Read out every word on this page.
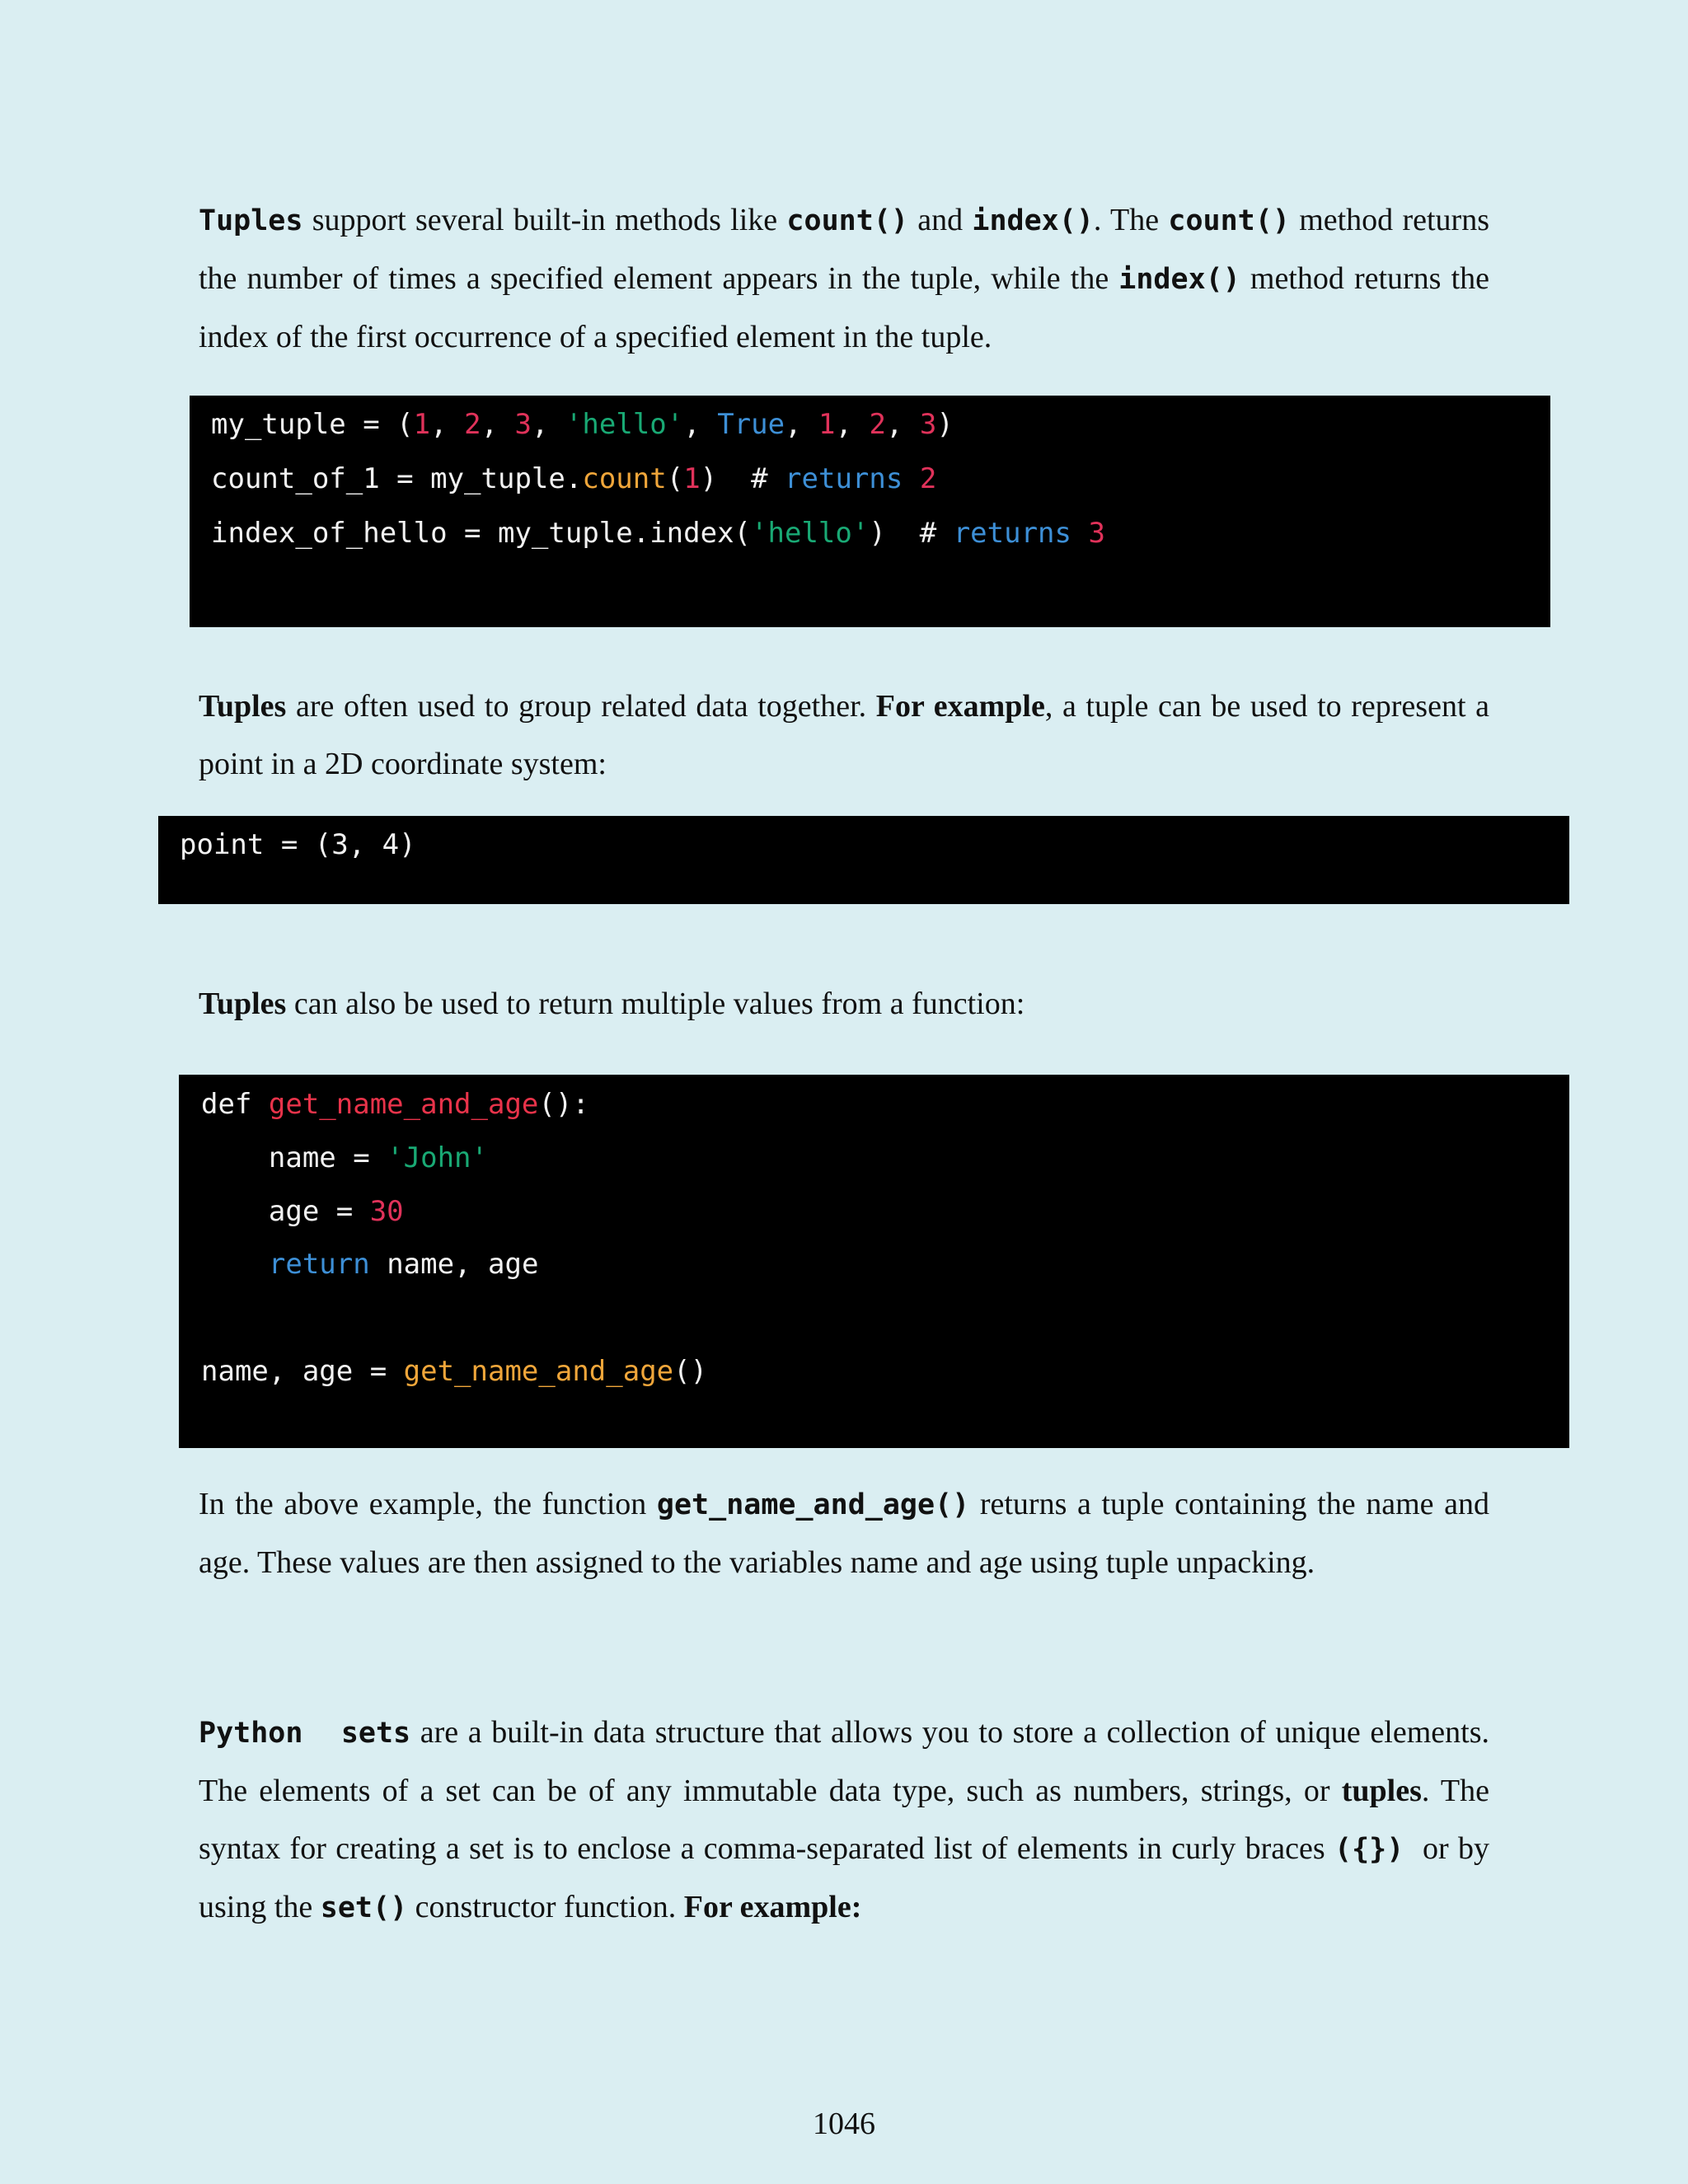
Tuples support several built-in methods like count() and index(). The count() method returns the number of times a specified element appears in the tuple, while the index() method returns the index of the first occurrence of a specified element in the tuple.

my_tuple = (1, 2, 3, 'hello', True, 1, 2, 3)
count_of_1 = my_tuple.count(1)  # returns 2
index_of_hello = my_tuple.index('hello')  # returns 3

Tuples are often used to group related data together. For example, a tuple can be used to represent a point in a 2D coordinate system:

point = (3, 4)

Tuples can also be used to return multiple values from a function:

def get_name_and_age():
name = 'John'
age = 30
return name, age
name, age = get_name_and_age()

In the above example, the function get_name_and_age() returns a tuple containing the name and age. These values are then assigned to the variables name and age using tuple unpacking.

Python  sets are a built-in data structure that allows you to store a collection of unique elements. The elements of a set can be of any immutable data type, such as numbers, strings, or tuples. The syntax for creating a set is to enclose a comma-separated list of elements in curly braces ({})  or by using the set() constructor function. For example:

1046
